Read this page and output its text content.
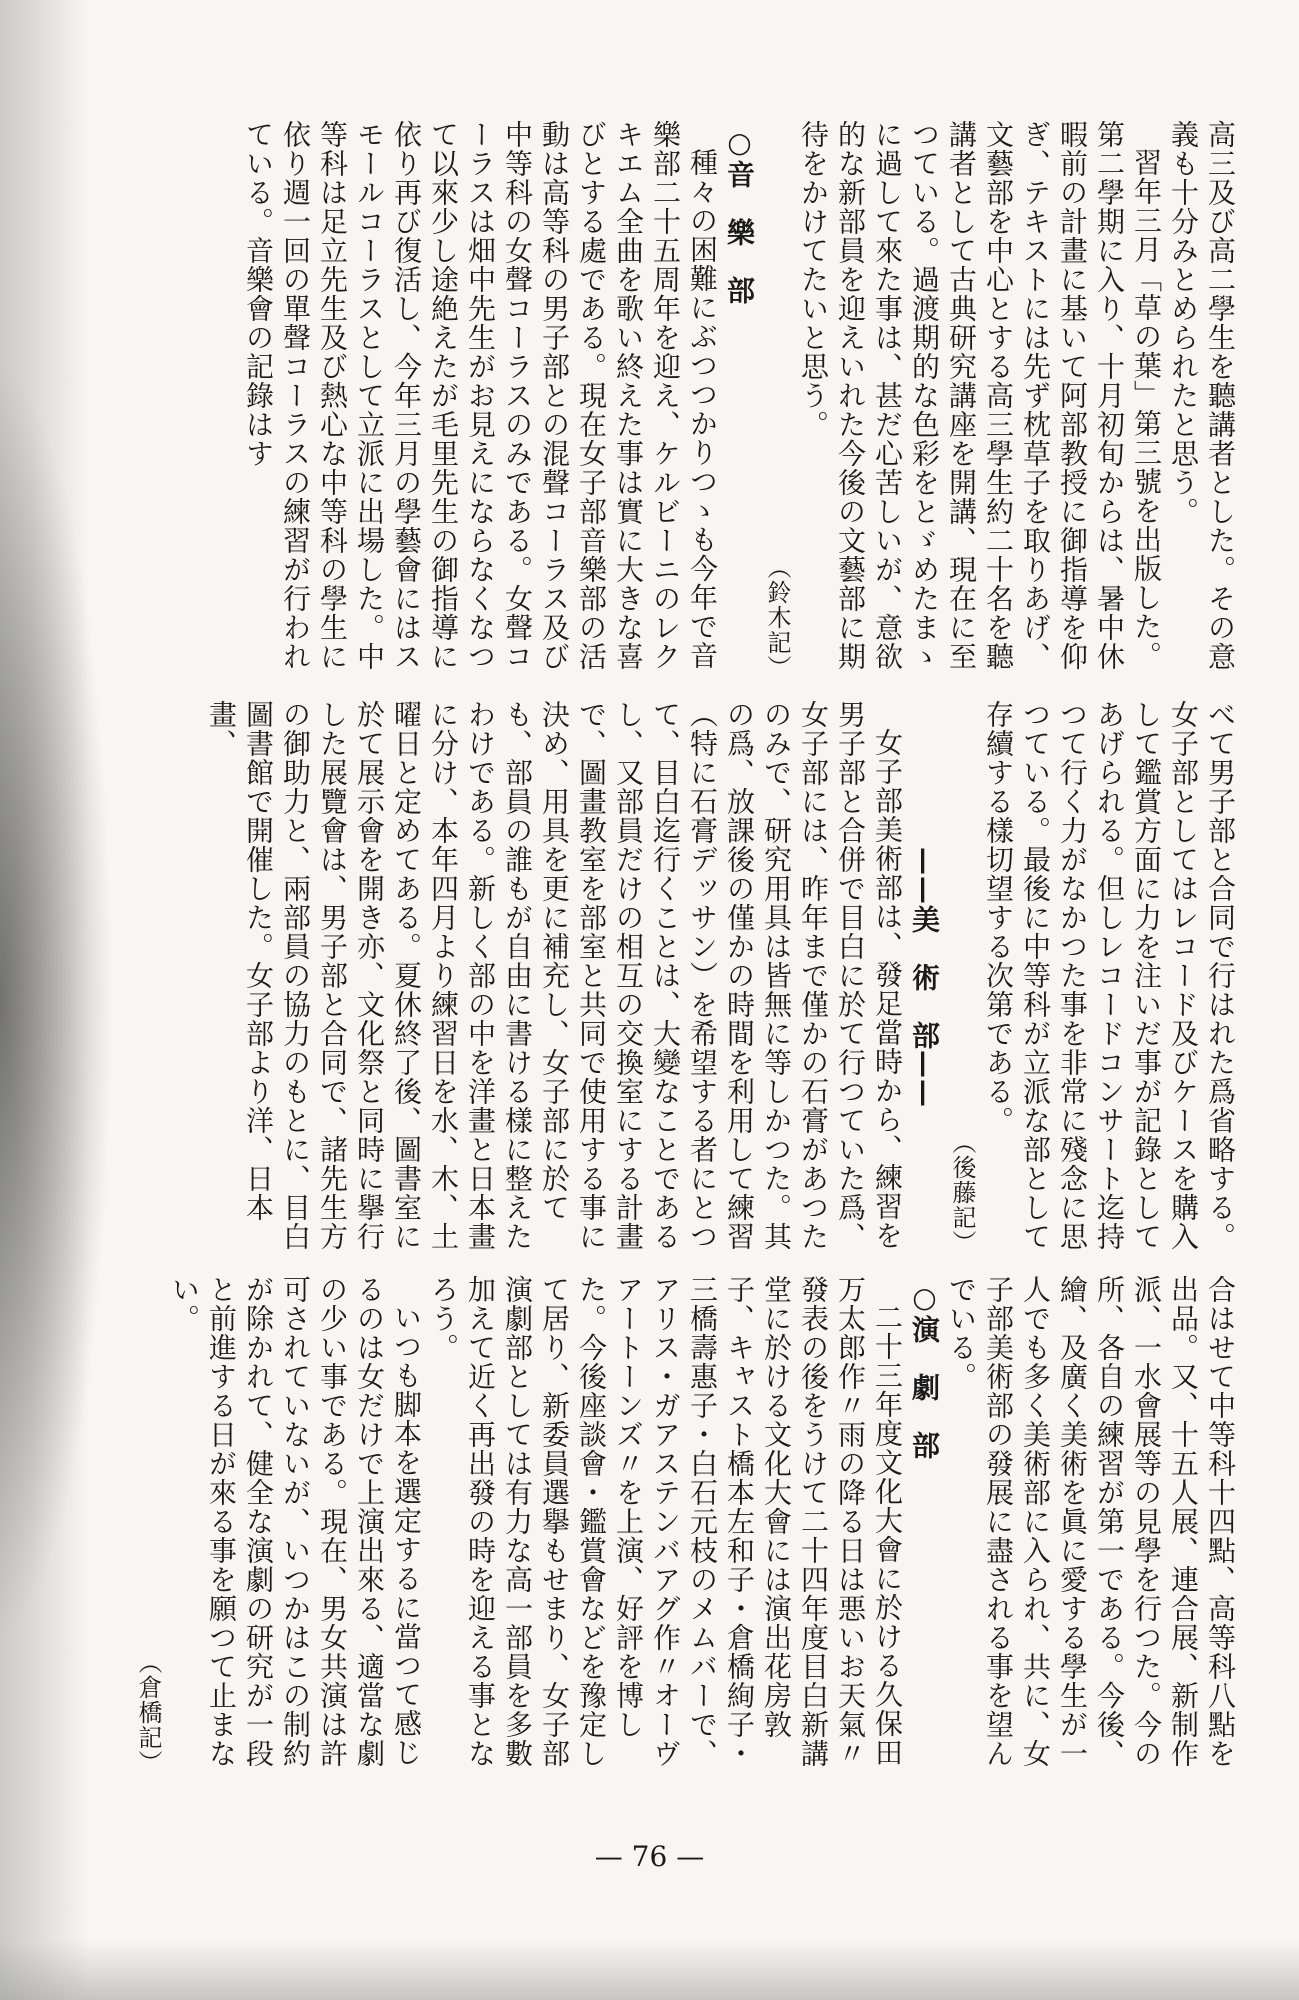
高三及び高二學生を聽講者とした。その意義も十分みとめられたと思う。

習年三月「草の葉」第三號を出版した。第二學期に入り、十月初旬からは、暑中休暇前の計畫に基いて阿部教授に御指導を仰ぎ、テキストには先ず枕草子を取りあげ、文藝部を中心とする高三學生約二十名を聽講者として古典研究講座を開講、現在に至つている。過渡期的な色彩をとゞめたまゝに過して來た事は、甚だ心苦しいが、意欲的な新部員を迎えいれた今後の文藝部に期待をかけてたいと思う。

（鈴木記）

○音　樂　部

種々の困難にぶつつかりつゝも今年で音樂部二十五周年を迎え、ケルビーニのレクキエム全曲を歌い終えた事は實に大きな喜びとする處である。現在女子部音樂部の活動は高等科の男子部との混聲コーラス及び中等科の女聲コーラスのみである。女聲コーラスは畑中先生がお見えにならなくなつて以來少し途絶えたが毛里先生の御指導に依り再び復活し、今年三月の學藝會にはスモールコーラスとして立派に出場した。中等科は足立先生及び熱心な中等科の學生に依り週一回の單聲コーラスの練習が行われている。音樂會の記錄はす

べて男子部と合同で行はれた爲省略する。女子部としてはレコード及びケースを購入して鑑賞方面に力を注いだ事が記錄としてあげられる。但しレコードコンサート迄持つて行く力がなかつた事を非常に殘念に思つている。最後に中等科が立派な部として存續する樣切望する次第である。

（後藤記）

——美　術　部——

女子部美術部は、發足當時から、練習を男子部と合併で目白に於て行つていた爲、女子部には、昨年まで僅かの石膏があつたのみで、研究用具は皆無に等しかつた。其の爲、放課後の僅かの時間を利用して練習（特に石膏デッサン）を希望する者にとつて、目白迄行くことは、大變なことであるし、又部員だけの相互の交換室にする計畫で、圖畫教室を部室と共同で使用する事に決め、用具を更に補充し、女子部に於ても、部員の誰もが自由に書ける樣に整えたわけである。新しく部の中を洋畫と日本畫に分け、本年四月より練習日を水、木、土曜日と定めてある。夏休終了後、圖書室に於て展示會を開き亦、文化祭と同時に擧行した展覽會は、男子部と合同で、諸先生方の御助力と、兩部員の協力のもとに、目白圖書館で開催した。女子部より洋、日本畫、

合はせて中等科十四點、高等科八點を出品。又、十五人展、連合展、新制作派、一水會展等の見學を行つた。今の所、各自の練習が第一である。今後、繪、及廣く美術を眞に愛する學生が一人でも多く美術部に入られ、共に、女子部美術部の發展に盡される事を望んでいる。

○演　劇　部

二十三年度文化大會に於ける久保田万太郎作〃雨の降る日は悪いお天氣〃發表の後をうけて二十四年度目白新講堂に於ける文化大會には演出花房敦子、キャスト橋本左和子・倉橋絢子・三橋壽惠子・白石元枝のメムバーで、アリス・ガアステンバアグ作〃オーヴアートーンズ〃を上演、好評を博した。今後座談會・鑑賞會などを豫定して居り、新委員選擧もせまり、女子部演劇部としては有力な高一部員を多數加えて近く再出發の時を迎える事となろう。

いつも脚本を選定するに當つて感じるのは女だけで上演出來る、適當な劇の少い事である。現在、男女共演は許可されていないが、いつかはこの制約が除かれて、健全な演劇の研究が一段と前進する日が來る事を願つて止まない。

（倉橋記）

— 76 —
